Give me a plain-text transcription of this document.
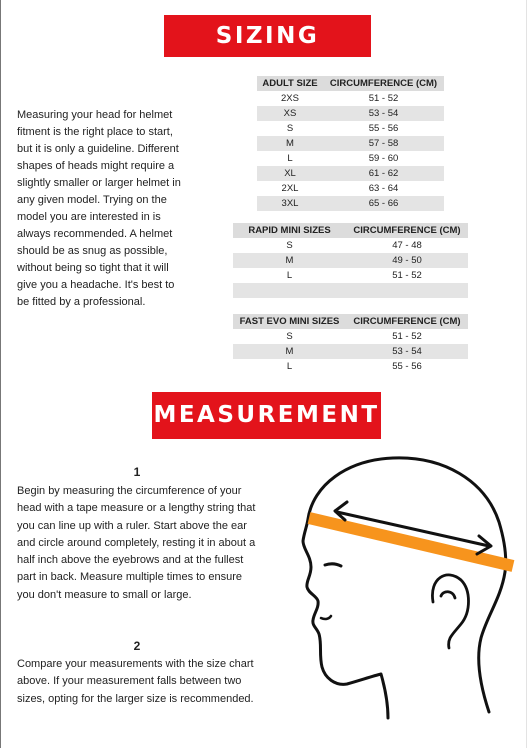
SIZING

Measuring your head for helmet fitment is the right place to start, but it is only a guideline. Different shapes of heads might require a slightly smaller or larger helmet in any given model. Trying on the model you are interested in is always recommended. A helmet should be as snug as possible, without being so tight that it will give you a headache. It's best to be fitted by a professional.

ADULT SIZE	CIRCUMFERENCE (CM)
2XS	51 - 52
XS	53 - 54
S	55 - 56
M	57 - 58
L	59 - 60
XL	61 - 62
2XL	63 - 64
3XL	65 - 66
RAPID MINI SIZES	CIRCUMFERENCE (CM)
S	47 - 48
M	49 - 50
L	51 - 52

FAST EVO MINI SIZES	CIRCUMFERENCE (CM)
S	51 - 52
M	53 - 54
L	55 - 56
MEASUREMENT
1

Begin by measuring the circumference of your head with a tape measure or a lengthy string that you can line up with a ruler. Start above the ear and circle around completely, resting it in about a half inch above the eyebrows and at the fullest part in back. Measure multiple times to ensure you don't measure to small or large.

2

Compare your measurements with the size chart above. If your measurement falls between two sizes, opting for the larger size is recommended.
